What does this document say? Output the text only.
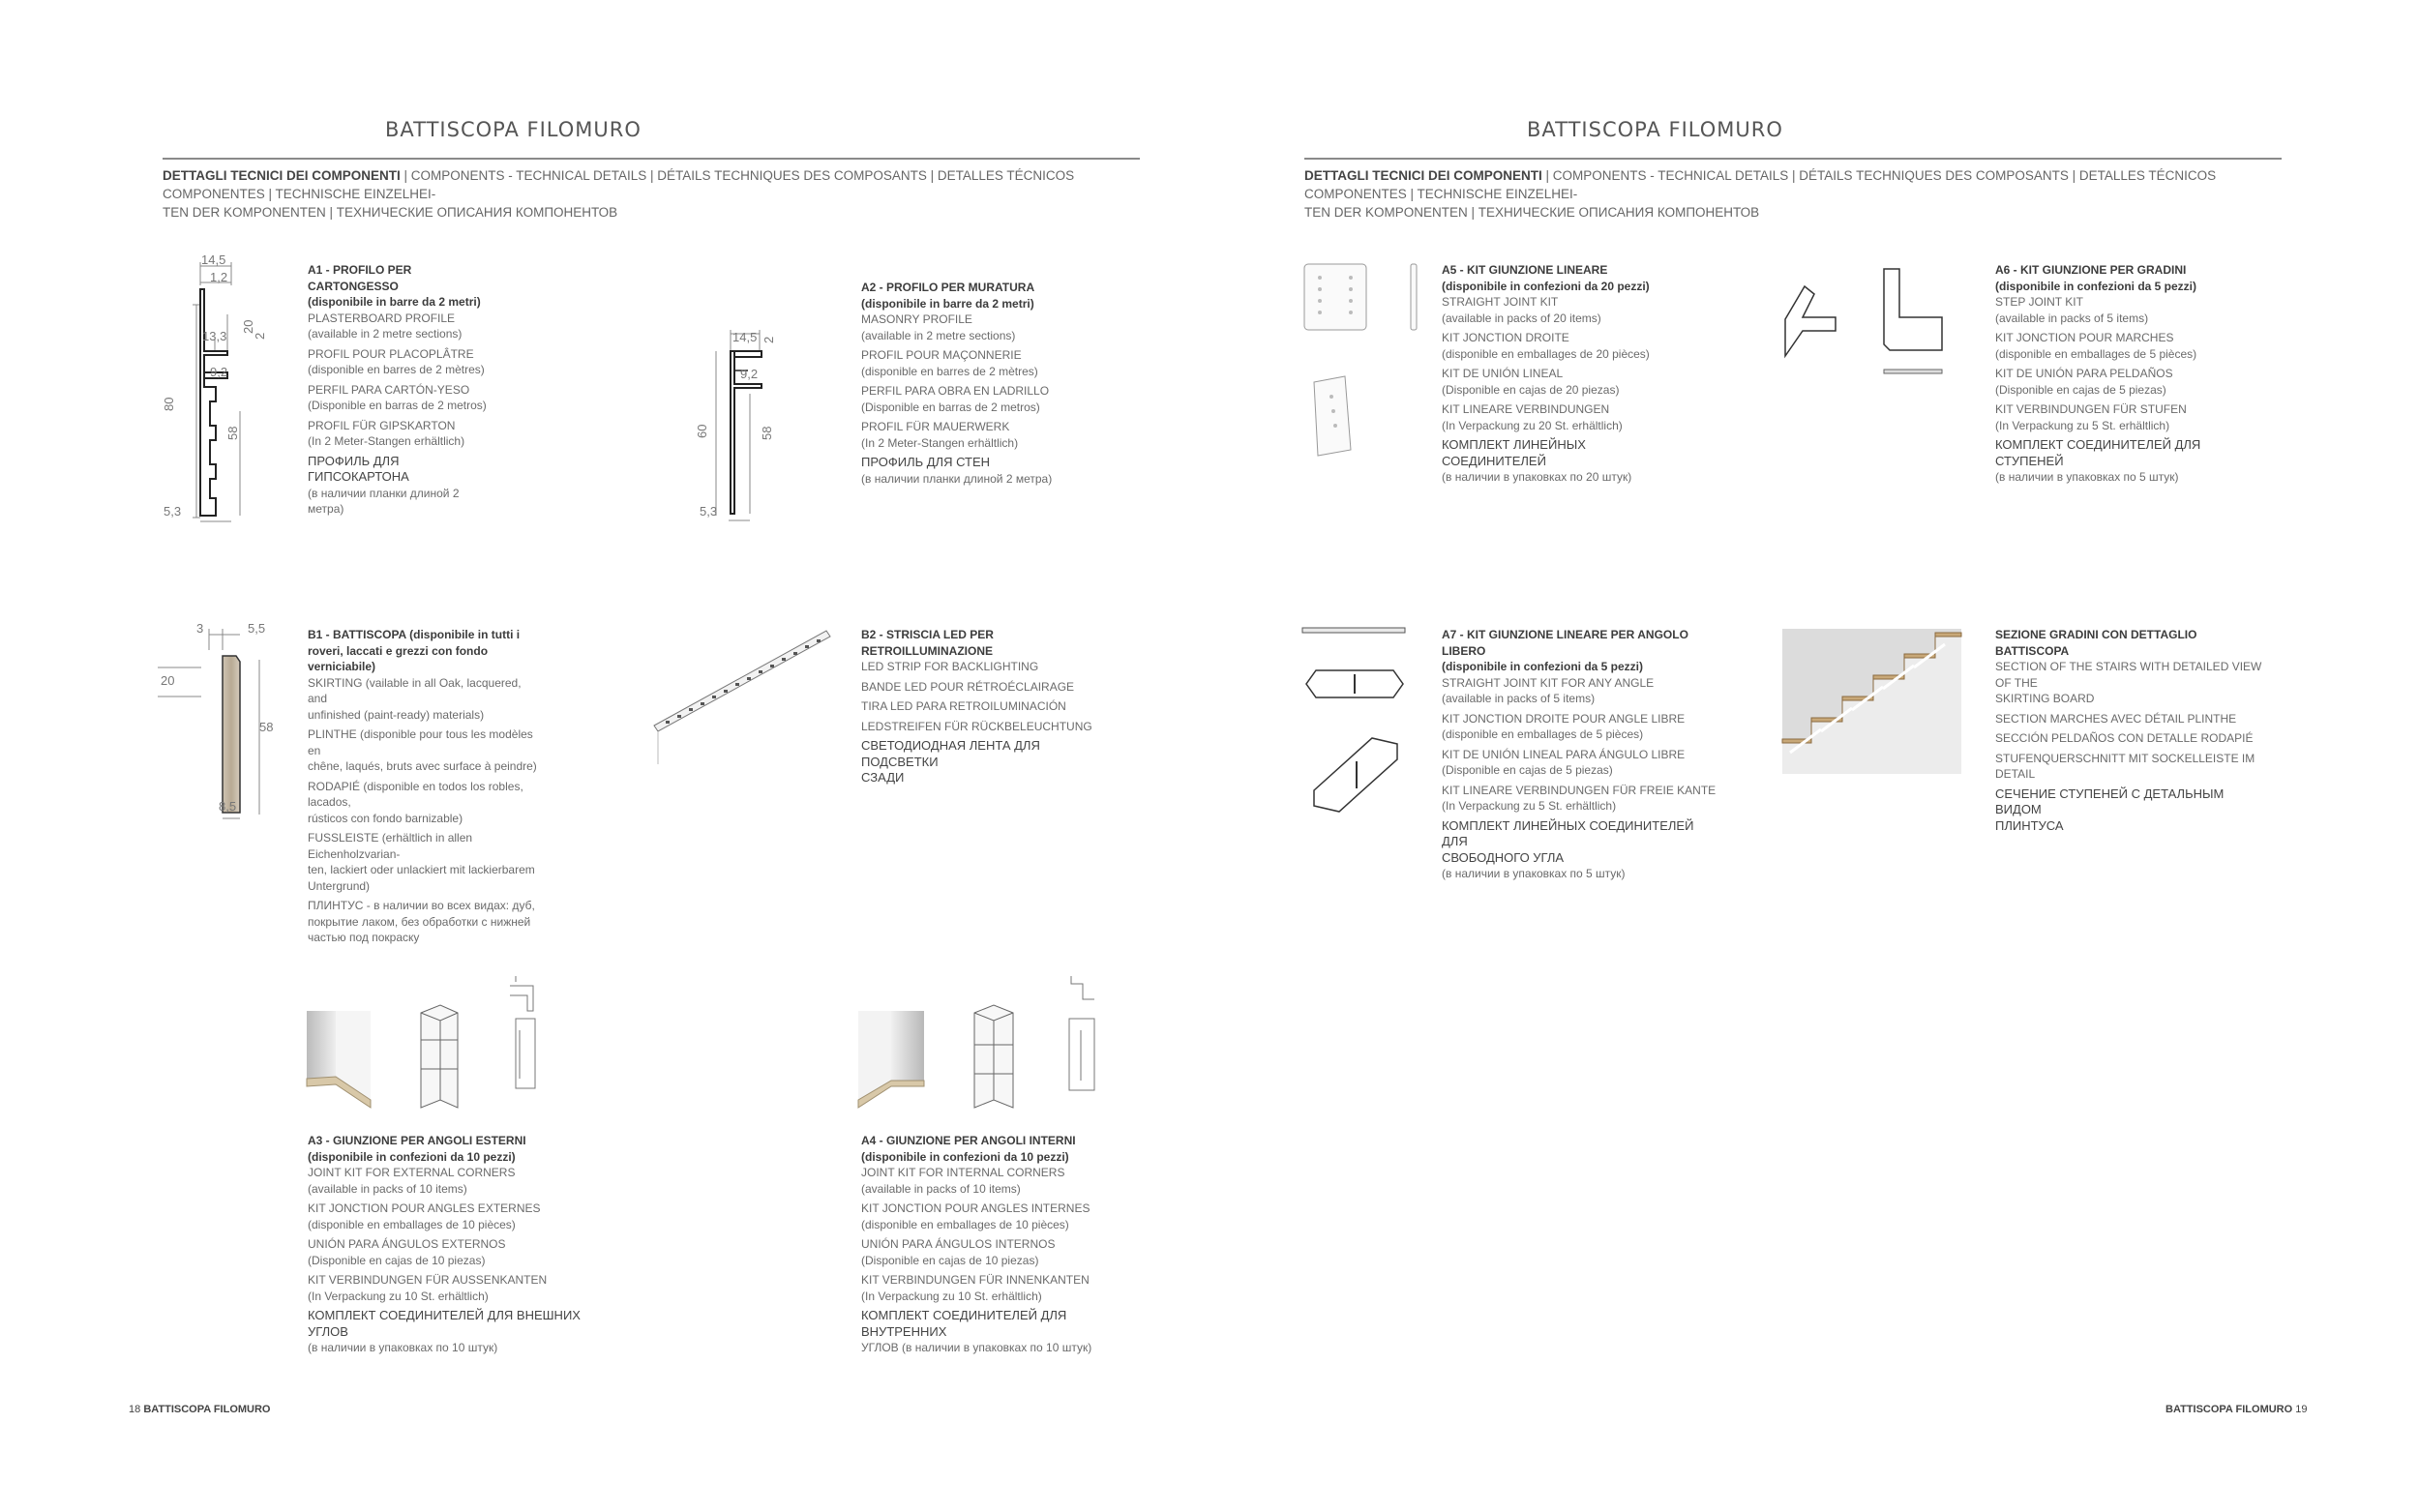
BATTISCOPA FILOMURO
DETTAGLI TECNICI DEI COMPONENTI | COMPONENTS - TECHNICAL DETAILS | DÉTAILS TECHNIQUES DES COMPOSANTS | DETALLES TÉCNICOS COMPONENTES | TECHNISCHE EINZELHEI-
TEN DER KOMPONENTEN | ТЕХНИЧЕСКИЕ ОПИСАНИЯ КОМПОНЕНТОВ
BATTISCOPA FILOMURO
DETTAGLI TECNICI DEI COMPONENTI | COMPONENTS - TECHNICAL DETAILS | DÉTAILS TECHNIQUES DES COMPOSANTS | DETALLES TÉCNICOS COMPONENTES | TECHNISCHE EINZELHEI-
TEN DER KOMPONENTEN | ТЕХНИЧЕСКИЕ ОПИСАНИЯ КОМПОНЕНТОВ
14,5
1,2
13,3
20
2
9,2
80
58
5,3
A1 - PROFILO PER CARTONGESSO
(disponibile in barre da 2 metri)
PLASTERBOARD PROFILE
(available in 2 metre sections)
PROFIL POUR PLACOPLÂTRE
(disponible en barres de 2 mètres)
PERFIL PARA CARTÓN-YESO
(Disponible en barras de 2 metros)
PROFIL FÜR GIPSKARTON
(In 2 Meter-Stangen erhältlich)
ПРОФИЛЬ ДЛЯ ГИПСОКАРТОНА
(в наличии планки длиной 2
метра)
14,5 2
9,2
60	58
5,3
A2 - PROFILO PER MURATURA
(disponibile in barre da 2 metri)
MASONRY PROFILE
(available in 2 metre sections)
PROFIL POUR MAÇONNERIE
(disponible en barres de 2 mètres)
PERFIL PARA OBRA EN LADRILLO
(Disponible en barras de 2 metros)
PROFIL FÜR MAUERWERK
(In 2 Meter-Stangen erhältlich)
ПРОФИЛЬ ДЛЯ СТЕН
(в наличии планки длиной 2 метра)
3	5,5
20
58
8,5
B1 - BATTISCOPA (disponibile in tutti i
roveri, laccati e grezzi con fondo
verniciabile)
SKIRTING (vailable in all Oak, lacquered, and
unfinished (paint-ready) materials)
PLINTHE (disponible pour tous les modèles en
chêne, laqués, bruts avec surface à peindre)
RODAPIÉ (disponible en todos los robles, lacados,
rústicos con fondo barnizable)
FUSSLEISTE (erhältlich in allen Eichenholzvarian-
ten, lackiert oder unlackiert mit lackierbarem
Untergrund)
ПЛИНТУС - в наличии во всех видах: дуб,
покрытие лаком, без обработки с нижней
частью под покраску
B2 - STRISCIA LED PER RETROILLUMINAZIONE
LED STRIP FOR BACKLIGHTING
BANDE LED POUR RÉTROÉCLAIRAGE
TIRA LED PARA RETROILUMINACIÓN
LEDSTREIFEN FÜR RÜCKBELEUCHTUNG
СВЕТОДИОДНАЯ ЛЕНТА ДЛЯ ПОДСВЕТКИ
СЗАДИ
A3 - GIUNZIONE PER ANGOLI ESTERNI
(disponibile in confezioni da 10 pezzi)
JOINT KIT FOR EXTERNAL CORNERS
(available in packs of 10 items)
KIT JONCTION POUR ANGLES EXTERNES
(disponible en emballages de 10 pièces)
UNIÓN PARA ÁNGULOS EXTERNOS
(Disponible en cajas de 10 piezas)
KIT VERBINDUNGEN FÜR AUSSENKANTEN
(In Verpackung zu 10 St. erhältlich)
КОМПЛЕКТ СОЕДИНИТЕЛЕЙ ДЛЯ ВНЕШНИХ УГЛОВ
(в наличии в упаковках по 10 штук)
A4 - GIUNZIONE PER ANGOLI INTERNI
(disponibile in confezioni da 10 pezzi)
JOINT KIT FOR INTERNAL CORNERS
(available in packs of 10 items)
KIT JONCTION POUR ANGLES INTERNES
(disponible en emballages de 10 pièces)
UNIÓN PARA ÁNGULOS INTERNOS
(Disponible en cajas de 10 piezas)
KIT VERBINDUNGEN FÜR INNENKANTEN
(In Verpackung zu 10 St. erhältlich)
КОМПЛЕКТ СОЕДИНИТЕЛЕЙ ДЛЯ ВНУТРЕННИХ
УГЛОВ (в наличии в упаковках по 10 штук)
A5 - KIT GIUNZIONE LINEARE
(disponibile in confezioni da 20 pezzi)
STRAIGHT JOINT KIT
(available in packs of 20 items)
KIT JONCTION DROITE
(disponible en emballages de 20 pièces)
KIT DE UNIÓN LINEAL
(Disponible en cajas de 20 piezas)
KIT LINEARE VERBINDUNGEN
(In Verpackung zu 20 St. erhältlich)
КОМПЛЕКТ ЛИНЕЙНЫХ СОЕДИНИТЕЛЕЙ
(в наличии в упаковках по 20 штук)
A6 - KIT GIUNZIONE PER GRADINI
(disponibile in confezioni da 5 pezzi)
STEP JOINT KIT
(available in packs of 5 items)
KIT JONCTION POUR MARCHES
(disponible en emballages de 5 pièces)
KIT DE UNIÓN PARA PELDAÑOS
(Disponible en cajas de 5 piezas)
KIT VERBINDUNGEN FÜR STUFEN
(In Verpackung zu 5 St. erhältlich)
КОМПЛЕКТ СОЕДИНИТЕЛЕЙ ДЛЯ СТУПЕНЕЙ
(в наличии в упаковках по 5 штук)
A7 - KIT GIUNZIONE LINEARE PER ANGOLO LIBERO
(disponibile in confezioni da 5 pezzi)
STRAIGHT JOINT KIT FOR ANY ANGLE
(available in packs of 5 items)
KIT JONCTION DROITE POUR ANGLE LIBRE
(disponible en emballages de 5 pièces)
KIT DE UNIÓN LINEAL PARA ÁNGULO LIBRE
(Disponible en cajas de 5 piezas)
KIT LINEARE VERBINDUNGEN FÜR FREIE KANTE
(In Verpackung zu 5 St. erhältlich)
КОМПЛЕКТ ЛИНЕЙНЫХ СОЕДИНИТЕЛЕЙ ДЛЯ
СВОБОДНОГО УГЛА
(в наличии в упаковках по 5 штук)
SEZIONE GRADINI CON DETTAGLIO BATTISCOPA
SECTION OF THE STAIRS WITH DETAILED VIEW OF THE
SKIRTING BOARD
SECTION MARCHES AVEC DÉTAIL PLINTHE
SECCIÓN PELDAÑOS CON DETALLE RODAPIÉ
STUFENQUERSCHNITT MIT SOCKELLEISTE IM DETAIL
СЕЧЕНИЕ СТУПЕНЕЙ С ДЕТАЛЬНЫМ ВИДОМ
ПЛИНТУСА
18 BATTISCOPA FILOMURO	BATTISCOPA FILOMURO 19
